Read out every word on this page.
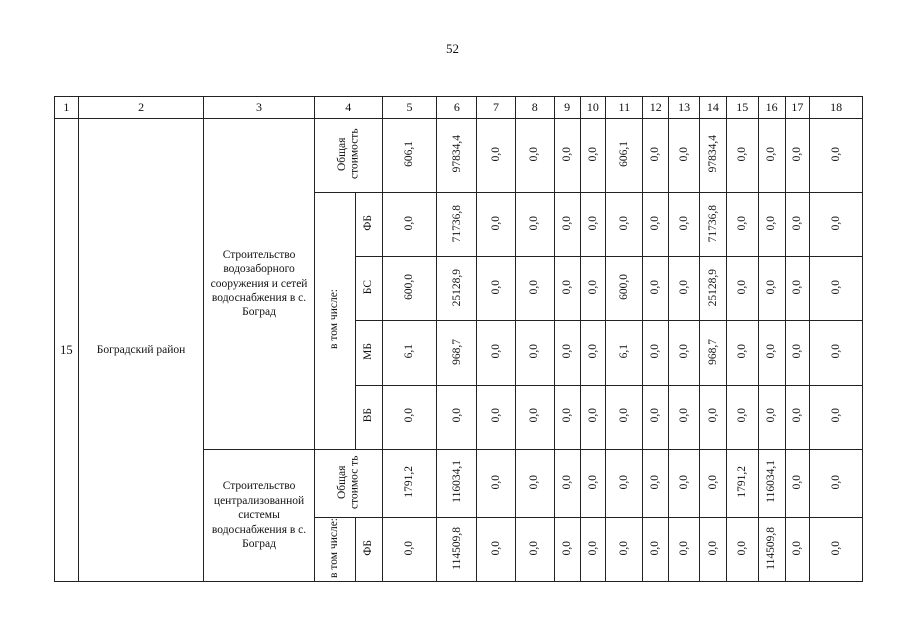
52
1	2	3	4		5	6	7	8	9	10	11	12	13	14	15	16	17	18
15	Боградский район	Строительство водозаборного сооружения и сетей водоснабжения в с. Боград	Общая стоимость		606,1	97834,4	0,0	0,0	0,0	0,0	606,1	0,0	0,0	97834,4	0,0	0,0	0,0	0,0
			в том числе:	ФБ	0,0	71736,8	0,0	0,0	0,0	0,0	0,0	0,0	0,0	71736,8	0,0	0,0	0,0	0,0
				БС	600,0	25128,9	0,0	0,0	0,0	0,0	600,0	0,0	0,0	25128,9	0,0	0,0	0,0	0,0
				МБ	6,1	968,7	0,0	0,0	0,0	0,0	6,1	0,0	0,0	968,7	0,0	0,0	0,0	0,0
				ВБ	0,0	0,0	0,0	0,0	0,0	0,0	0,0	0,0	0,0	0,0	0,0	0,0	0,0	0,0
		Строительство централизованной системы водоснабжения в с. Боград	Общая стоимос ть		1791,2	116034,1	0,0	0,0	0,0	0,0	0,0	0,0	0,0	0,0	1791,2	116034,1	0,0	0,0
			в том числе:	ФБ	0,0	114509,8	0,0	0,0	0,0	0,0	0,0	0,0	0,0	0,0	0,0	114509,8	0,0	0,0
